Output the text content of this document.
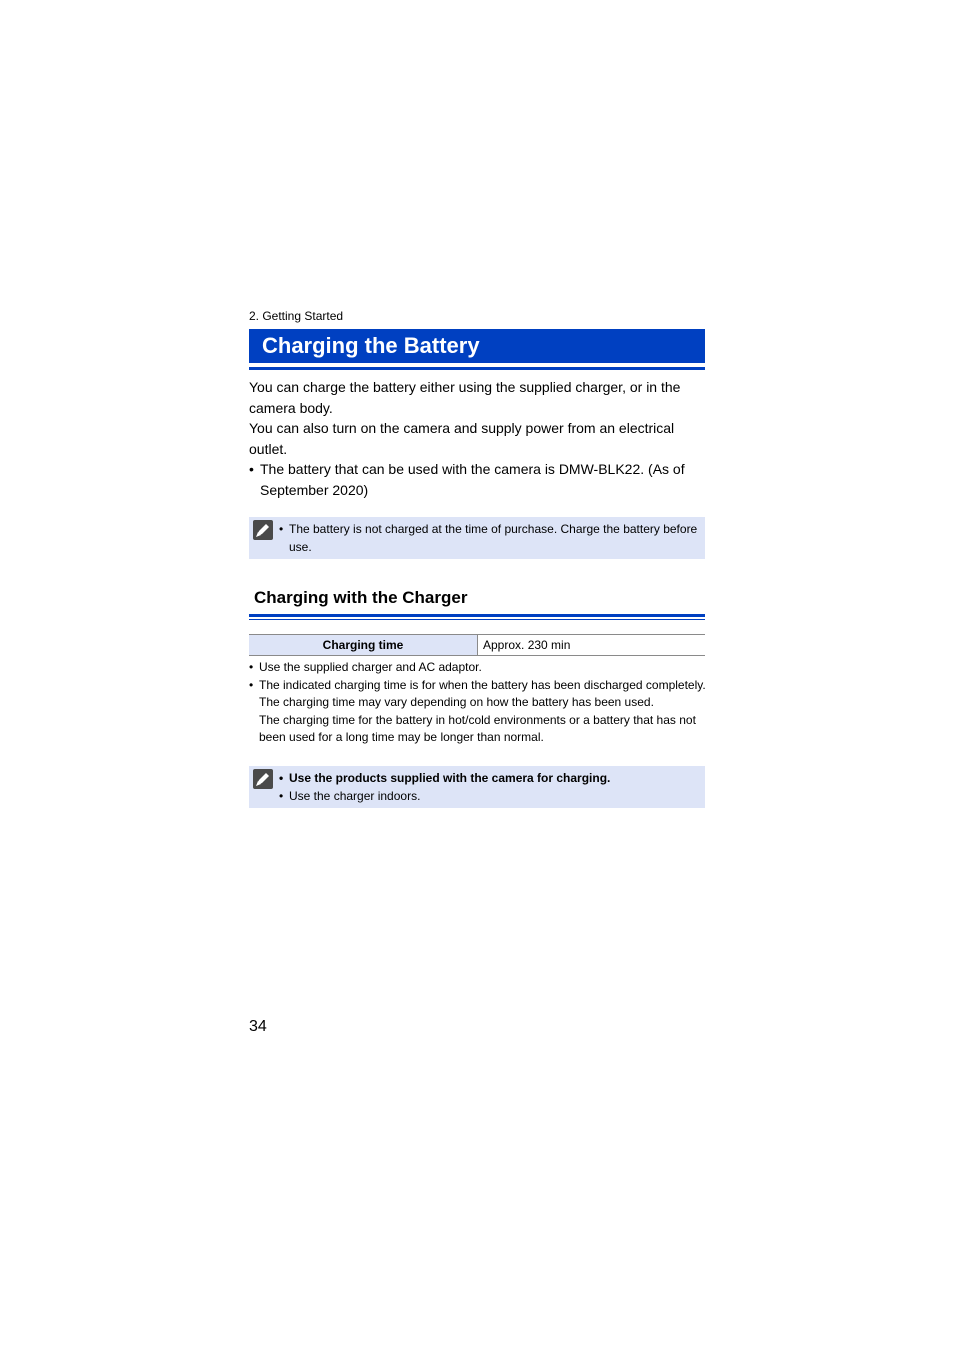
2. Getting Started
Charging the Battery

You can charge the battery either using the supplied charger, or in the camera body.

You can also turn on the camera and supply power from an electrical outlet.

• The battery that can be used with the camera is DMW-BLK22. (As of September 2020)
• The battery is not charged at the time of purchase. Charge the battery before use.
Charging with the Charger
Charging time	Approx. 230 min
• Use the supplied charger and AC adaptor.
• The indicated charging time is for when the battery has been discharged completely.
The charging time may vary depending on how the battery has been used.
The charging time for the battery in hot/cold environments or a battery that has not been used for a long time may be longer than normal.
• Use the products supplied with the camera for charging.
• Use the charger indoors.
34
